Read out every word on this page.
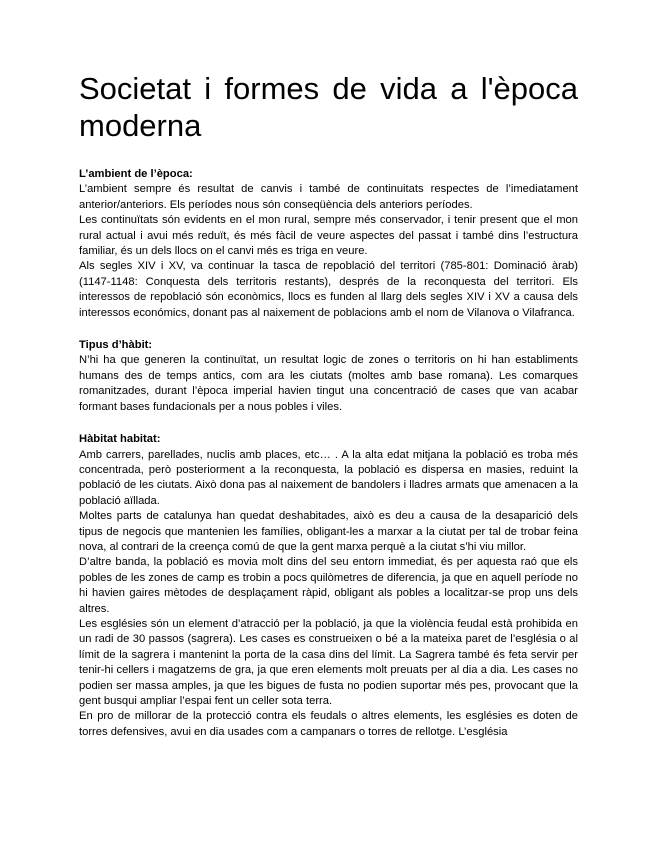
Societat i formes de vida a l'època moderna
L’ambient de l’època:

L’ambient sempre és resultat de canvis i també de continuitats respectes de l’imediatament anterior/anteriors. Els períodes nous són conseqüència dels anteriors períodes.

Les continuïtats són evidents en el mon rural, sempre més conservador, i tenir present que el mon rural actual i avui més reduït, és més fàcil de veure aspectes del passat i també dins l’estructura familiar, és un dels llocs on el canvi més es triga en veure.

Als segles XIV i XV, va continuar la tasca de repoblació del territori (785-801: Dominació àrab) (1147-1148: Conquesta dels territoris restants), després de la reconquesta del territori. Els interessos de repoblació són econòmics, llocs es funden al llarg dels segles XIV i XV a causa dels interessos económics, donant pas al naixement de poblacions amb el nom de Vilanova o Vilafranca.

Tipus d’hàbit:

N’hi ha que generen la continuïtat, un resultat logic de zones o territoris on hi han establiments humans des de temps antics, com ara les ciutats (moltes amb base romana). Les comarques romanitzades, durant l’època imperial havien tingut una concentració de cases que van acabar formant bases fundacionals per a nous pobles i viles.

Hàbitat habitat:

Amb carrers, parellades, nuclis amb places, etc… . A la alta edat mitjana la població es troba més concentrada, però posteriorment a la reconquesta, la població es dispersa en masies, reduint la població de les ciutats. Això dona pas al naixement de bandolers i lladres armats que amenacen a la població aïllada.

Moltes parts de catalunya han quedat deshabitades, això es deu a causa de la desaparició dels tipus de negocis que mantenien les famílies, obligant-les a marxar a la ciutat per tal de trobar feina nova, al contrari de la creença comú de que la gent marxa perquè a la ciutat s’hi viu millor.

D’altre banda, la població es movia molt dins del seu entorn immediat, és per aquesta raó que els pobles de les zones de camp es trobin a pocs quilòmetres de diferencia, ja que en aquell període no hi havien gaires mètodes de desplaçament ràpid, obligant als pobles a localitzar-se prop uns dels altres.

Les esglésies són un element d’atracció per la població, ja que la violència feudal està prohibida en un radi de 30 passos (sagrera). Les cases es construeixen o bé a la mateixa paret de l’església o al límit de la sagrera i mantenint la porta de la casa dins del límit. La Sagrera també és feta servir per tenir-hi cellers i magatzems de gra, ja que eren elements molt preuats per al dia a dia. Les cases no podien ser massa amples, ja que les bigues de fusta no podien suportar més pes, provocant que la gent busqui ampliar l’espai fent un celler sota terra.

En pro de millorar de la protecció contra els feudals o altres elements, les esglésies es doten de torres defensives, avui en dia usades com a campanars o torres de rellotge. L’església
